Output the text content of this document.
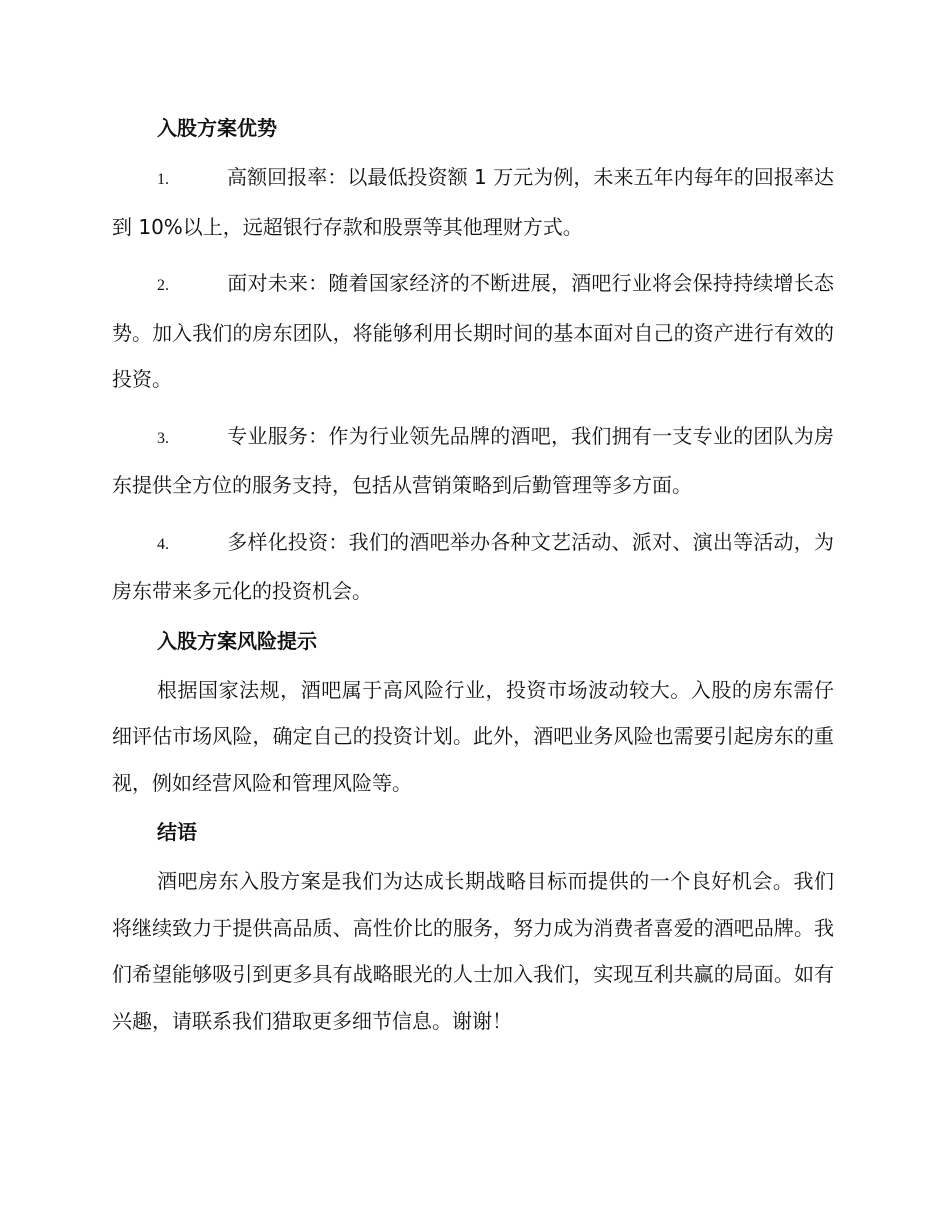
入股方案优势
1.	高额回报率：以最低投资额 1 万元为例，未来五年内每年的回报率达到 10%以上，远超银行存款和股票等其他理财方式。
2.	面对未来：随着国家经济的不断进展，酒吧行业将会保持持续增长态势。加入我们的房东团队，将能够利用长期时间的基本面对自己的资产进行有效的投资。
3.	专业服务：作为行业领先品牌的酒吧，我们拥有一支专业的团队为房东提供全方位的服务支持，包括从营销策略到后勤管理等多方面。
4.	多样化投资：我们的酒吧举办各种文艺活动、派对、演出等活动，为房东带来多元化的投资机会。
入股方案风险提示

根据国家法规，酒吧属于高风险行业，投资市场波动较大。入股的房东需仔细评估市场风险，确定自己的投资计划。此外，酒吧业务风险也需要引起房东的重视，例如经营风险和管理风险等。

结语

酒吧房东入股方案是我们为达成长期战略目标而提供的一个良好机会。我们将继续致力于提供高品质、高性价比的服务，努力成为消费者喜爱的酒吧品牌。我们希望能够吸引到更多具有战略眼光的人士加入我们，实现互利共赢的局面。如有兴趣，请联系我们猎取更多细节信息。谢谢！
